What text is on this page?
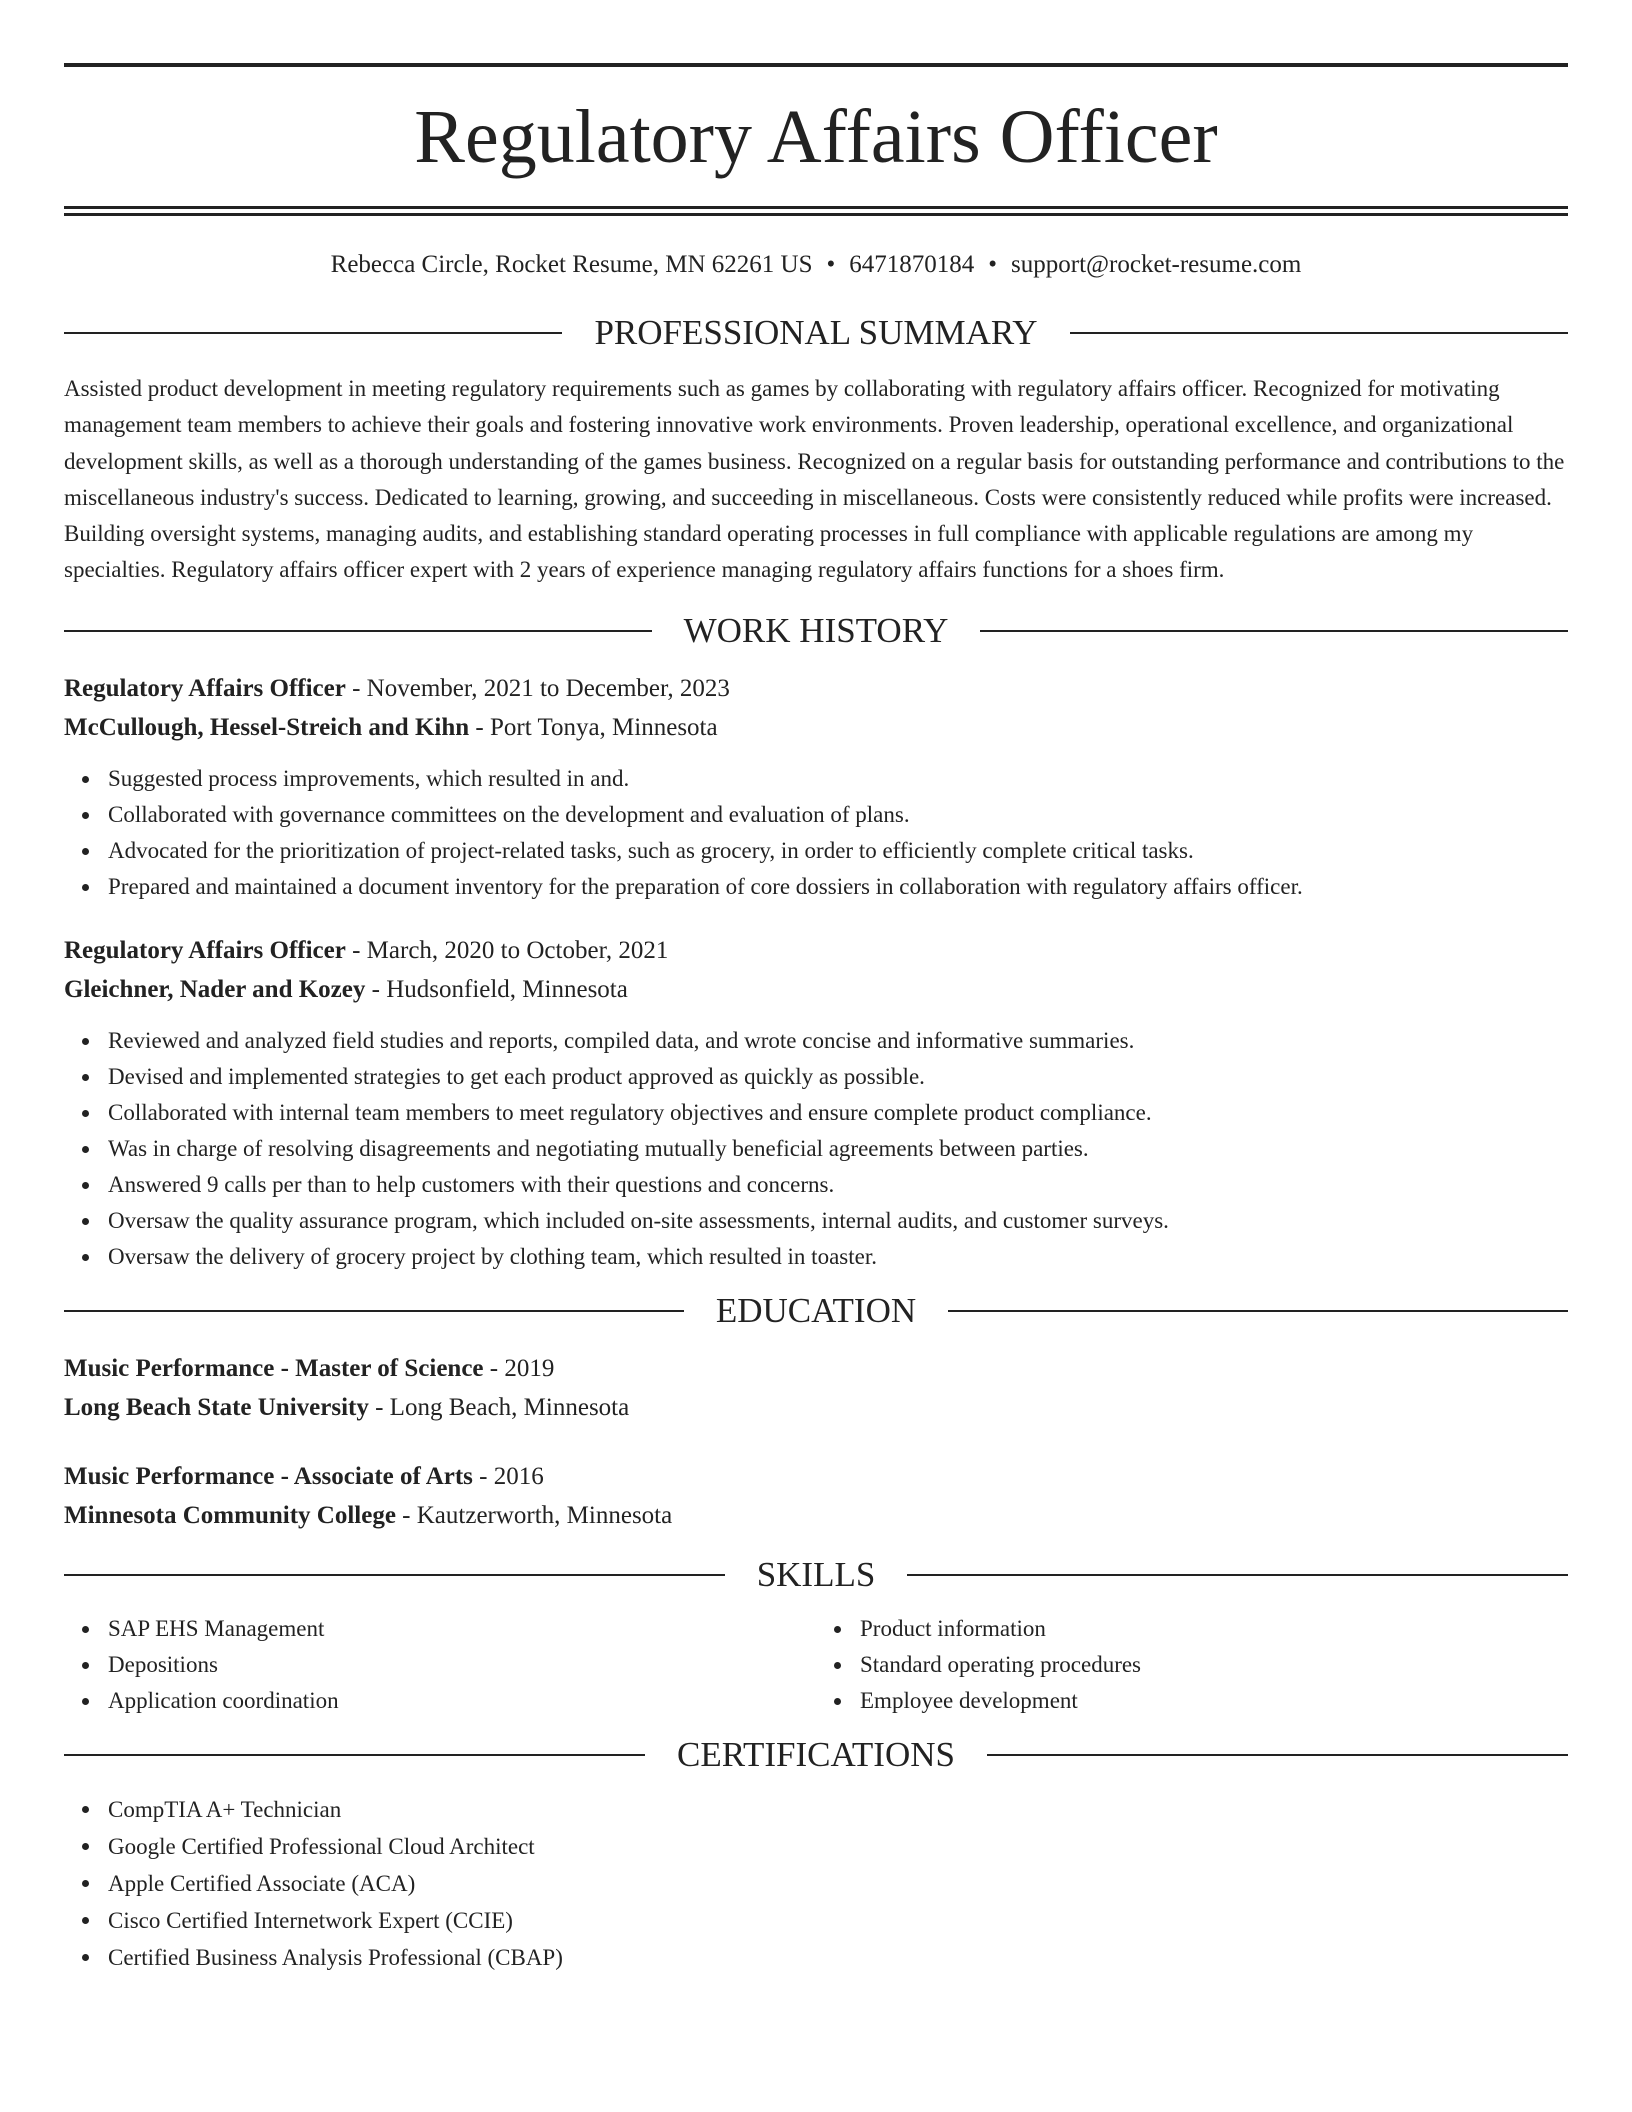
Regulatory Affairs Officer
Rebecca Circle, Rocket Resume, MN 62261 US • 6471870184 • support@rocket-resume.com
PROFESSIONAL SUMMARY
Assisted product development in meeting regulatory requirements such as games by collaborating with regulatory affairs officer. Recognized for motivating management team members to achieve their goals and fostering innovative work environments. Proven leadership, operational excellence, and organizational development skills, as well as a thorough understanding of the games business. Recognized on a regular basis for outstanding performance and contributions to the miscellaneous industry's success. Dedicated to learning, growing, and succeeding in miscellaneous. Costs were consistently reduced while profits were increased. Building oversight systems, managing audits, and establishing standard operating processes in full compliance with applicable regulations are among my specialties. Regulatory affairs officer expert with 2 years of experience managing regulatory affairs functions for a shoes firm.
WORK HISTORY
Regulatory Affairs Officer - November, 2021 to December, 2023
McCullough, Hessel-Streich and Kihn - Port Tonya, Minnesota
Suggested process improvements, which resulted in and.
Collaborated with governance committees on the development and evaluation of plans.
Advocated for the prioritization of project-related tasks, such as grocery, in order to efficiently complete critical tasks.
Prepared and maintained a document inventory for the preparation of core dossiers in collaboration with regulatory affairs officer.
Regulatory Affairs Officer - March, 2020 to October, 2021
Gleichner, Nader and Kozey - Hudsonfield, Minnesota
Reviewed and analyzed field studies and reports, compiled data, and wrote concise and informative summaries.
Devised and implemented strategies to get each product approved as quickly as possible.
Collaborated with internal team members to meet regulatory objectives and ensure complete product compliance.
Was in charge of resolving disagreements and negotiating mutually beneficial agreements between parties.
Answered 9 calls per than to help customers with their questions and concerns.
Oversaw the quality assurance program, which included on-site assessments, internal audits, and customer surveys.
Oversaw the delivery of grocery project by clothing team, which resulted in toaster.
EDUCATION
Music Performance - Master of Science - 2019
Long Beach State University - Long Beach, Minnesota
Music Performance - Associate of Arts - 2016
Minnesota Community College - Kautzerworth, Minnesota
SKILLS
SAP EHS Management
Depositions
Application coordination
Product information
Standard operating procedures
Employee development
CERTIFICATIONS
CompTIA A+ Technician
Google Certified Professional Cloud Architect
Apple Certified Associate (ACA)
Cisco Certified Internetwork Expert (CCIE)
Certified Business Analysis Professional (CBAP)
